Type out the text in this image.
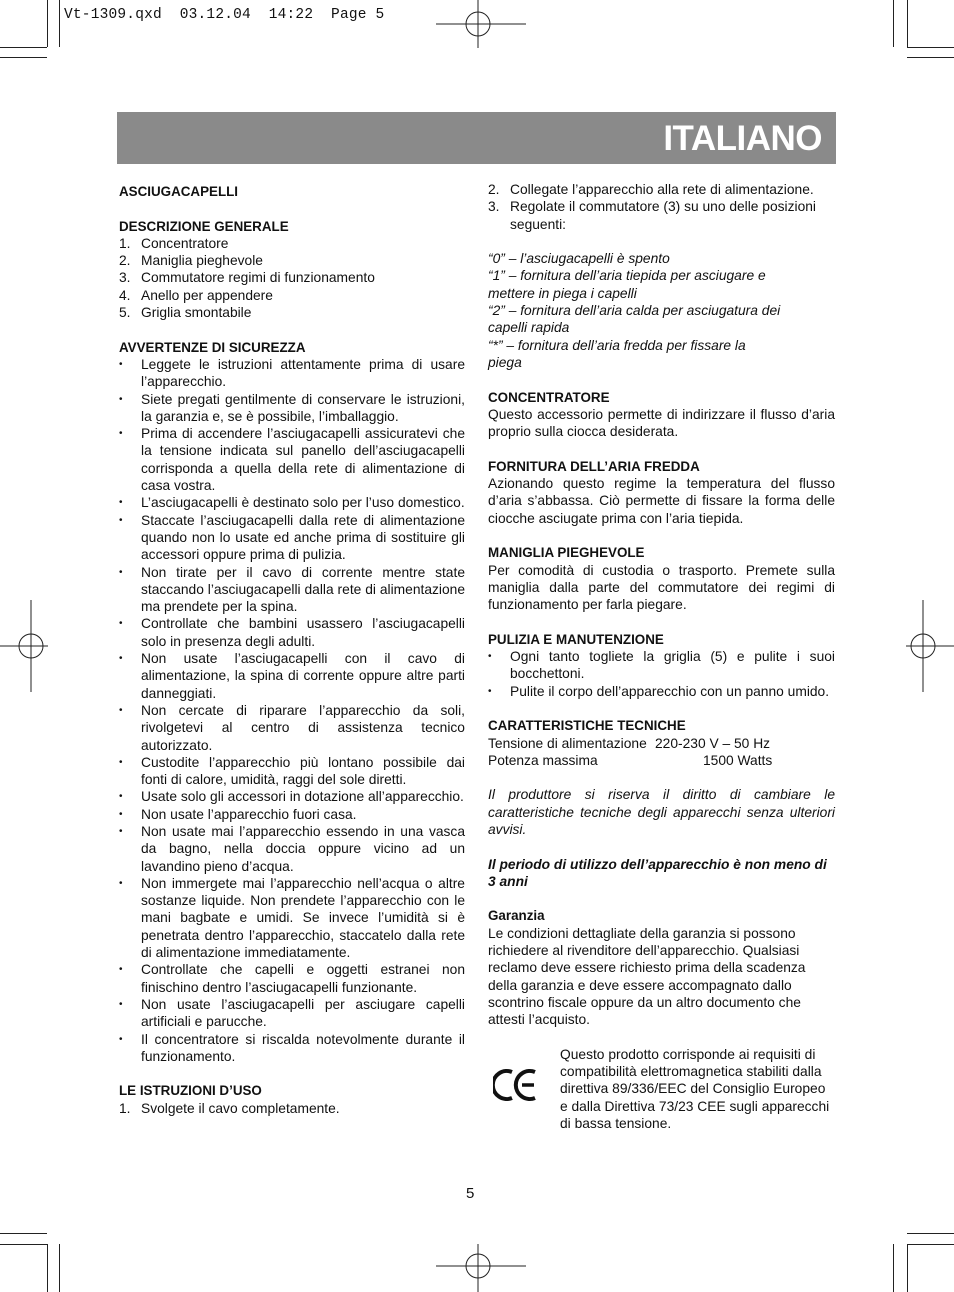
Vt-1309.qxd  03.12.04  14:22  Page 5
ITALIANO
ASCIUGACAPELLI
DESCRIZIONE GENERALE
1. Concentratore
2. Maniglia pieghevole
3. Commutatore regimi di funzionamento
4. Anello per appendere
5. Griglia smontabile
AVVERTENZE DI SICUREZZA
• Leggete le istruzioni attentamente prima di usare l’apparecchio.
• Siete pregati gentilmente di conservare le istruzioni, la garanzia e, se è possibile, l’imballaggio.
• Prima di accendere l’asciugacapelli assicuratevi che la tensione indicata sul panello dell’asciugacapelli corrisponda a quella della rete di alimentazione di casa vostra.
• L’asciugacapelli è destinato solo per l’uso domestico.
• Staccate l’asciugacapelli dalla rete di alimentazione quando non lo usate ed anche prima di sostituire gli accessori oppure prima di pulizia.
• Non tirate per il cavo di corrente mentre state staccando l’asciugacapelli dalla rete di alimentazione ma prendete per la spina.
• Controllate che bambini usassero l’asciugacapelli solo in presenza degli adulti.
• Non usate l’asciugacapelli con il cavo di alimentazione, la spina di corrente oppure altre parti danneggiati.
• Non cercate di riparare l’apparecchio da soli, rivolgetevi al centro di assistenza tecnico autorizzato.
• Custodite l’apparecchio più lontano possibile dai fonti di calore, umidità, raggi del sole diretti.
• Usate solo gli accessori in dotazione all’apparecchio.
• Non usate l’apparecchio fuori casa.
• Non usate mai l’apparecchio essendo in una vasca da bagno, nella doccia oppure vicino ad un lavandino pieno d’acqua.
• Non immergete mai l’apparecchio nell’acqua o altre sostanze liquide. Non prendete l’apparecchio con le mani bagbate e umidi. Se invece l’umidità si è penetrata dentro l’apparecchio, staccatelo dalla rete di alimentazione immediatamente.
• Controllate che capelli e oggetti estranei non finischino dentro l’asciugacapelli funzionante.
• Non usate l’asciugacapelli per asciugare capelli artificiali e parucche.
• Il concentratore si riscalda notevolmente durante il funzionamento.
LE ISTRUZIONI D’USO
1. Svolgete il cavo completamente.
2. Collegate l’apparecchio alla rete di alimentazione.
3. Regolate il commutatore (3) su uno delle posizioni seguenti:
“0” – l’asciugacapelli è spento
“1” – fornitura dell’aria tiepida per asciugare e mettere in piega i capelli
“2” – fornitura dell’aria calda per asciugatura dei capelli rapida
“*” – fornitura dell’aria fredda per fissare la piega
CONCENTRATORE
Questo accessorio permette di indirizzare il flusso d’aria proprio sulla ciocca desiderata.
FORNITURA DELL’ARIA FREDDA
Azionando questo regime la temperatura del flusso d’aria s’abbassa. Ciò permette di fissare la forma delle ciocche asciugate prima con l’aria tiepida.
MANIGLIA PIEGHEVOLE
Per comodità di custodia o trasporto. Premete sulla maniglia dalla parte del commutatore dei regimi di funzionamento per farla piegare.
PULIZIA E MANUTENZIONE
• Ogni tanto togliete la griglia (5) e pulite i suoi bocchettoni.
• Pulite il corpo dell’apparecchio con un panno umido.
CARATTERISTICHE TECNICHE
Tensione di alimentazione 220-230 V – 50 Hz
Potenza massima	1500 Watts
Il produttore si riserva il diritto di cambiare le caratteristiche tecniche degli apparecchi senza ulteriori avvisi.
Il periodo di utilizzo dell’apparecchio è non meno di 3 anni
Garanzia
Le condizioni dettagliate della garanzia si possono richiedere al rivenditore dell’apparecchio. Qualsiasi reclamo deve essere richiesto prima della scadenza della garanzia e deve essere accompagnato dallo scontrino fiscale oppure da un altro documento che attesti l’acquisto.
Questo prodotto corrisponde ai requisiti di compatibilità elettromagnetica stabiliti dalla direttiva 89/336/EEC del Consiglio Europeo e dalla Direttiva 73/23 CEE sugli apparecchi di bassa tensione.
5
